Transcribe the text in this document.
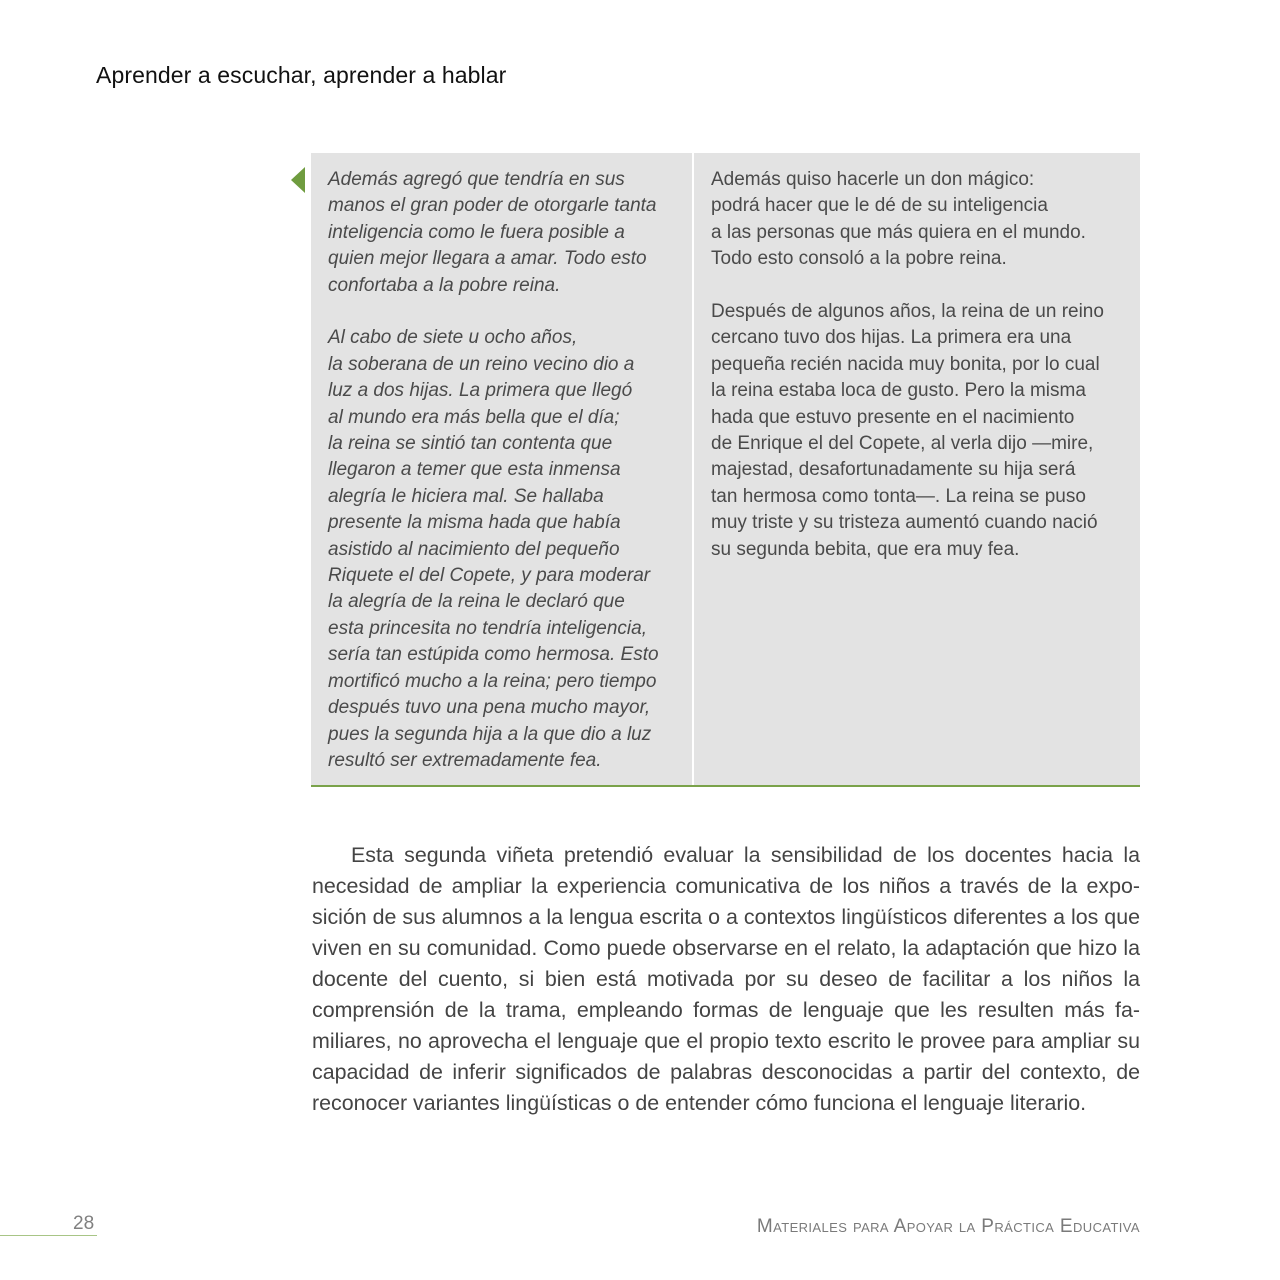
Aprender a escuchar, aprender a hablar

Además agregó que tendría en sus
manos el gran poder de otorgarle tanta
inteligencia como le fuera posible a
quien mejor llegara a amar. Todo esto
confortaba a la pobre reina.

Al cabo de siete u ocho años,
la soberana de un reino vecino dio a
luz a dos hijas. La primera que llegó
al mundo era más bella que el día;
la reina se sintió tan contenta que
llegaron a temer que esta inmensa
alegría le hiciera mal. Se hallaba
presente la misma hada que había
asistido al nacimiento del pequeño
Riquete el del Copete, y para moderar
la alegría de la reina le declaró que
esta princesita no tendría inteligencia,
sería tan estúpida como hermosa. Esto
mortificó mucho a la reina; pero tiempo
después tuvo una pena mucho mayor,
pues la segunda hija a la que dio a luz
resultó ser extremadamente fea.

Además quiso hacerle un don mágico:
podrá hacer que le dé de su inteligencia
a las personas que más quiera en el mundo.
Todo esto consoló a la pobre reina.

Después de algunos años, la reina de un reino
cercano tuvo dos hijas. La primera era una
pequeña recién nacida muy bonita, por lo cual
la reina estaba loca de gusto. Pero la misma
hada que estuvo presente en el nacimiento
de Enrique el del Copete, al verla dijo —mire,
majestad, desafortunadamente su hija será
tan hermosa como tonta—. La reina se puso
muy triste y su tristeza aumentó cuando nació
su segunda bebita, que era muy fea.

Esta segunda viñeta pretendió evaluar la sensibilidad de los docentes hacia la necesidad de ampliar la experiencia comunicativa de los niños a través de la exposición de sus alumnos a la lengua escrita o a contextos lingüísticos diferentes a los que viven en su comunidad. Como puede observarse en el relato, la adaptación que hizo la docente del cuento, si bien está motivada por su deseo de facilitar a los niños la comprensión de la trama, empleando formas de lenguaje que les resulten más familiares, no aprovecha el lenguaje que el propio texto escrito le provee para ampliar su capacidad de inferir significados de palabras desconocidas a partir del contexto, de reconocer variantes lingüísticas o de entender cómo funciona el lenguaje literario.

28	Materiales para Apoyar la Práctica Educativa
